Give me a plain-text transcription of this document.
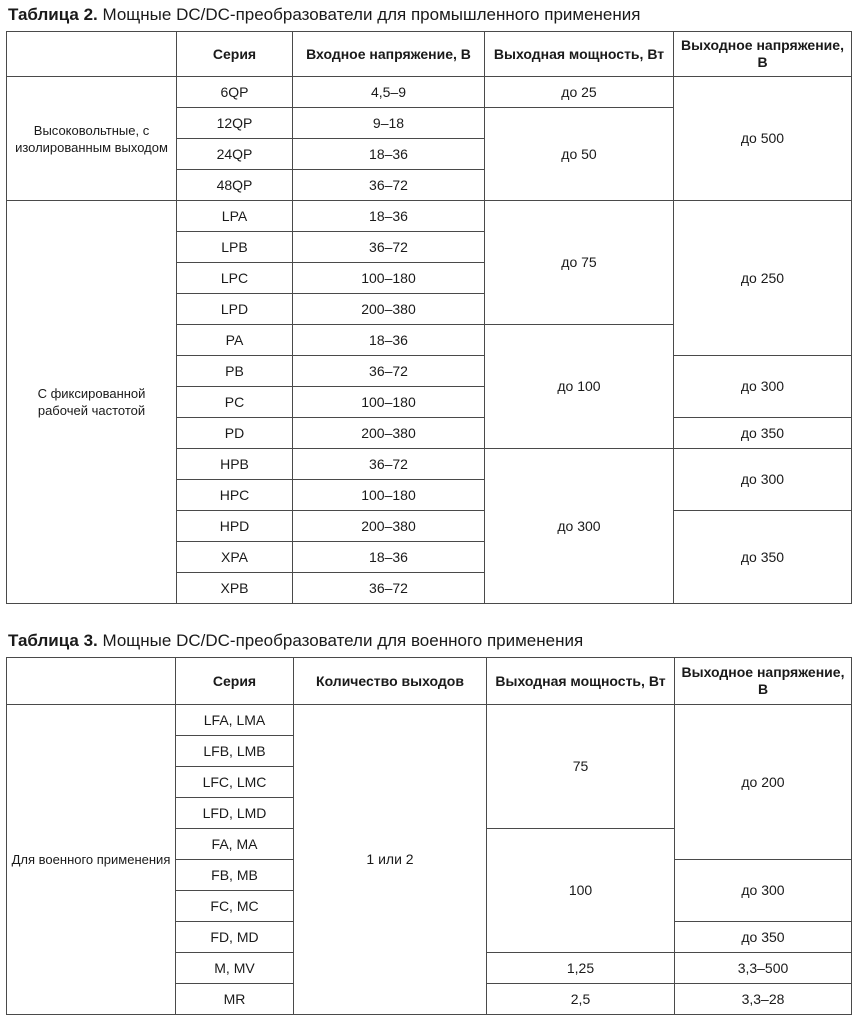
Таблица 2. Мощные DC/DC-преобразователи для промышленного применения
	Серия	Входное напряжение, В	Выходная мощность, Вт	Выходное напряжение, В
Высоковольтные, с изолированным выходом	6QP	4,5–9	до 25	до 500
	12QP	9–18	до 50	
	24QP	18–36		
	48QP	36–72		
С фиксированной рабочей частотой	LPA	18–36	до 75	до 250
	LPB	36–72		
	LPC	100–180		
	LPD	200–380		
	PA	18–36	до 100	
	PB	36–72		до 300
	PC	100–180		
	PD	200–380		до 350
	HPB	36–72	до 300	до 300
	HPC	100–180		
	HPD	200–380		до 350
	XPA	18–36		
	XPB	36–72		
Таблица 3. Мощные DC/DC-преобразователи для военного применения
	Серия	Количество выходов	Выходная мощность, Вт	Выходное напряжение, В
Для военного применения	LFA, LMA	1 или 2	75	до 200
	LFB, LMB			
	LFC, LMC			
	LFD, LMD			
	FA, MA		100	
	FB, MB			до 300
	FC, MC			
	FD, MD			до 350
	M, MV		1,25	3,3–500
	MR		2,5	3,3–28
